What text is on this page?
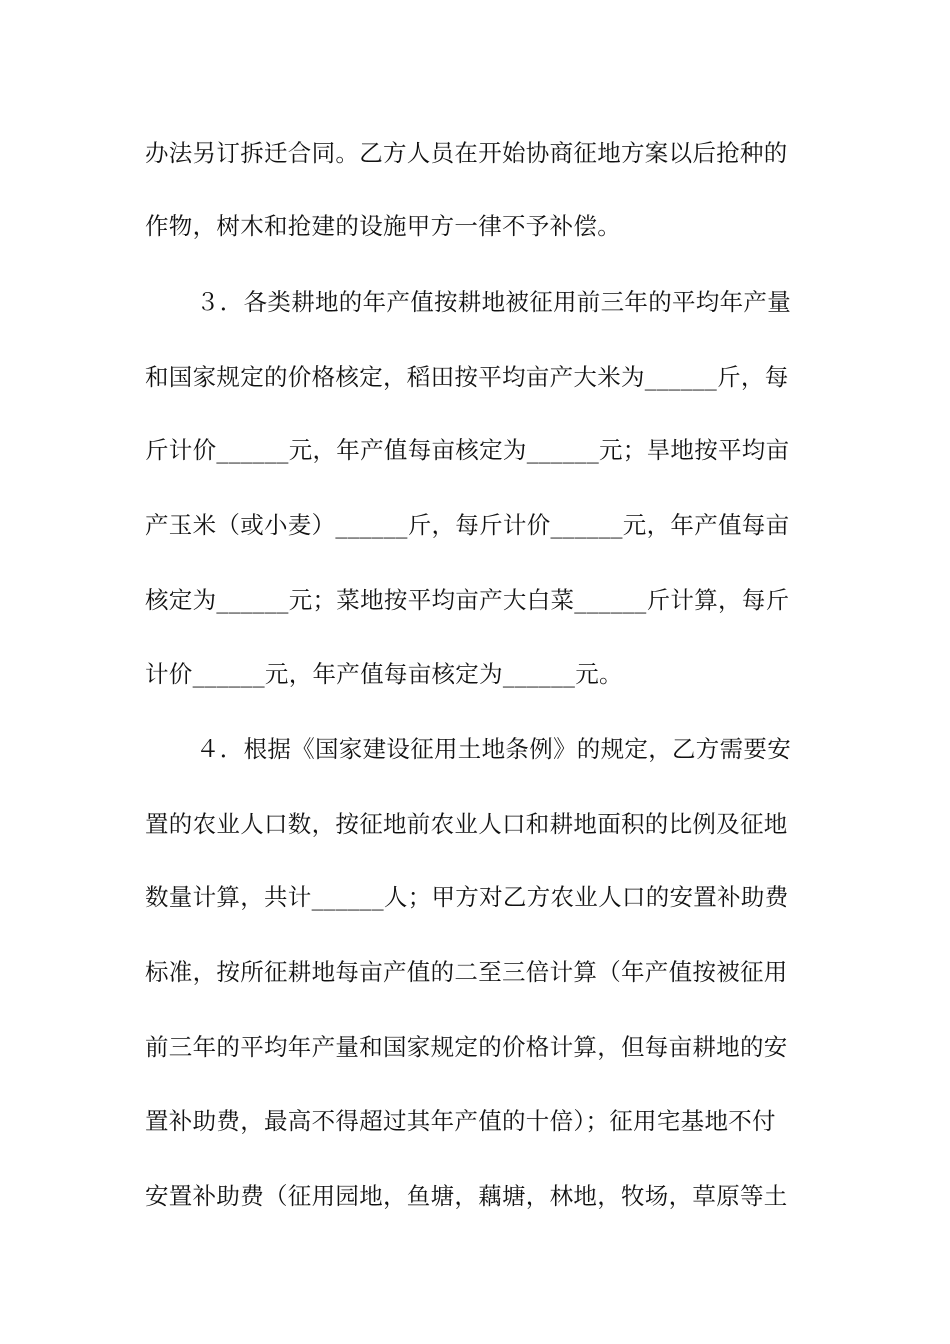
办法另订拆迁合同。乙方人员在开始协商征地方案以后抢种的
作物，树木和抢建的设施甲方一律不予补偿。
３．各类耕地的年产值按耕地被征用前三年的平均年产量
和国家规定的价格核定，稻田按平均亩产大米为______斤，每
斤计价______元，年产值每亩核定为______元；旱地按平均亩
产玉米（或小麦）______斤，每斤计价______元，年产值每亩
核定为______元；菜地按平均亩产大白菜______斤计算，每斤
计价______元，年产值每亩核定为______元。
４．根据《国家建设征用土地条例》的规定，乙方需要安
置的农业人口数，按征地前农业人口和耕地面积的比例及征地
数量计算，共计______人；甲方对乙方农业人口的安置补助费
标准，按所征耕地每亩产值的二至三倍计算（年产值按被征用
前三年的平均年产量和国家规定的价格计算，但每亩耕地的安
置补助费，最高不得超过其年产值的十倍）；征用宅基地不付
安置补助费（征用园地，鱼塘，藕塘，林地，牧场，草原等土
